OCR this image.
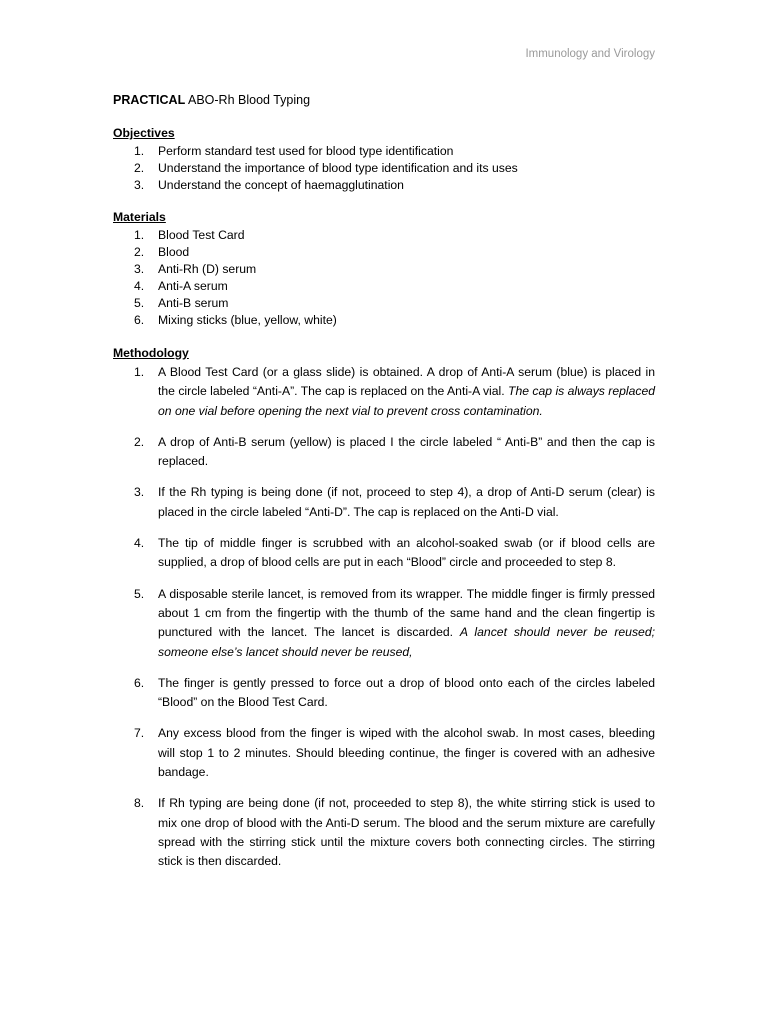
Immunology and Virology
PRACTICAL ABO-Rh Blood Typing
Objectives
1. Perform standard test used for blood type identification
2. Understand the importance of blood type identification and its uses
3. Understand the concept of haemagglutination
Materials
1. Blood Test Card
2. Blood
3. Anti-Rh (D) serum
4. Anti-A serum
5. Anti-B serum
6. Mixing sticks (blue, yellow, white)
Methodology
1. A Blood Test Card (or a glass slide) is obtained. A drop of Anti-A serum (blue) is placed in the circle labeled “Anti-A”. The cap is replaced on the Anti-A vial. The cap is always replaced on one vial before opening the next vial to prevent cross contamination.
2. A drop of Anti-B serum (yellow) is placed I the circle labeled “ Anti-B” and then the cap is replaced.
3. If the Rh typing is being done (if not, proceed to step 4), a drop of Anti-D serum (clear) is placed in the circle labeled “Anti-D”. The cap is replaced on the Anti-D vial.
4. The tip of middle finger is scrubbed with an alcohol-soaked swab (or if blood cells are supplied, a drop of blood cells are put in each “Blood” circle and proceeded to step 8.
5. A disposable sterile lancet, is removed from its wrapper. The middle finger is firmly pressed about 1 cm from the fingertip with the thumb of the same hand and the clean fingertip is punctured with the lancet. The lancet is discarded. A lancet should never be reused; someone else’s lancet should never be reused,
6. The finger is gently pressed to force out a drop of blood onto each of the circles labeled “Blood” on the Blood Test Card.
7. Any excess blood from the finger is wiped with the alcohol swab. In most cases, bleeding will stop 1 to 2 minutes. Should bleeding continue, the finger is covered with an adhesive bandage.
8. If Rh typing are being done (if not, proceeded to step 8), the white stirring stick is used to mix one drop of blood with the Anti-D serum. The blood and the serum mixture are carefully spread with the stirring stick until the mixture covers both connecting circles. The stirring stick is then discarded.
